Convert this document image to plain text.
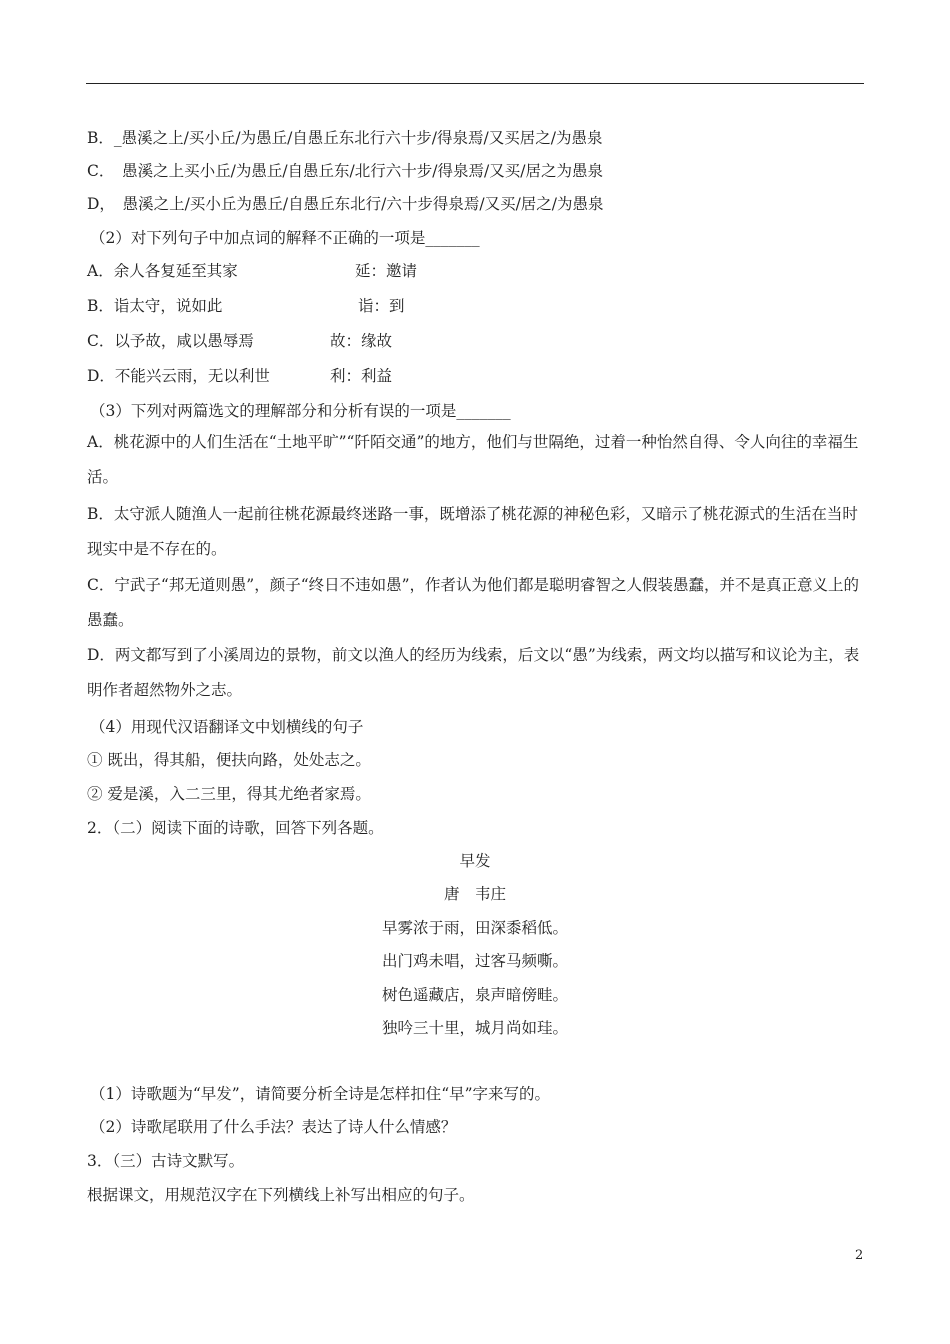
B．_愚溪之上/买小丘/为愚丘/自愚丘东北行六十步/得泉焉/又买居之/为愚泉
C．　愚溪之上买小丘/为愚丘/自愚丘东/北行六十步/得泉焉/又买/居之为愚泉
D，　愚溪之上/买小丘为愚丘/自愚丘东北行/六十步得泉焉/又买/居之/为愚泉
（2）对下列句子中加点词的解释不正确的一项是_______
A．余人各复延至其家	延：邀请
B．诣太守，说如此	诣：到
C．以予故，咸以愚辱焉	故：缘故
D．不能兴云雨，无以利世	利：利益
（3）下列对两篇选文的理解部分和分析有误的一项是_______
A．桃花源中的人们生活在“土地平旷”“阡陌交通”的地方，他们与世隔绝，过着一种怡然自得、令人向往的幸福生活。
B．太守派人随渔人一起前往桃花源最终迷路一事，既增添了桃花源的神秘色彩，又暗示了桃花源式的生活在当时现实中是不存在的。
C．宁武子“邦无道则愚”，颜子“终日不违如愚”，作者认为他们都是聪明睿智之人假装愚蠢，并不是真正意义上的愚蠢。
D．两文都写到了小溪周边的景物，前文以渔人的经历为线索，后文以“愚”为线索，两文均以描写和议论为主，表明作者超然物外之志。
（4）用现代汉语翻译文中划横线的句子
① 既出，得其船，便扶向路，处处志之。
② 爱是溪，入二三里，得其尤绝者家焉。
2．（二）阅读下面的诗歌，回答下列各题。
早发
唐　韦庄
早雾浓于雨，田深黍稻低。
出门鸡未唱，过客马频嘶。
树色遥藏店，泉声暗傍畦。
独吟三十里，城月尚如珪。
（1）诗歌题为“早发”，请简要分析全诗是怎样扣住“早”字来写的。
（2）诗歌尾联用了什么手法？表达了诗人什么情感？
3．（三）古诗文默写。
根据课文，用规范汉字在下列横线上补写出相应的句子。
2
